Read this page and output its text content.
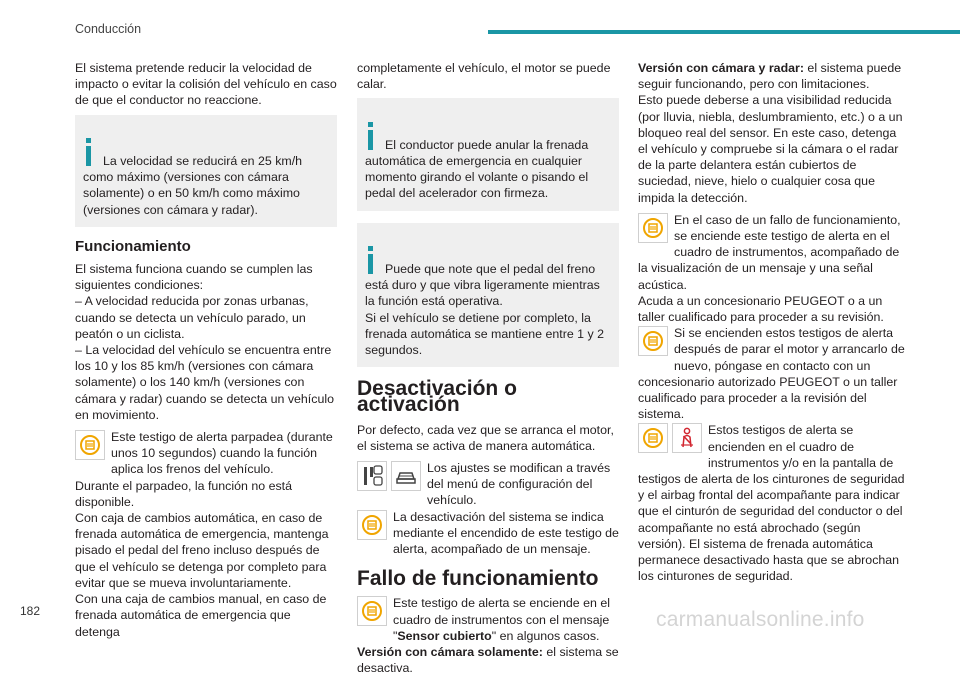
Conducción

El sistema pretende reducir la velocidad de impacto o evitar la colisión del vehículo en caso de que el conductor no reaccione.

La velocidad se reducirá en 25 km/h como máximo (versiones con cámara solamente) o en 50 km/h como máximo (versiones con cámara y radar).

Funcionamiento

El sistema funciona cuando se cumplen las siguientes condiciones:
– A velocidad reducida por zonas urbanas, cuando se detecta un vehículo parado, un peatón o un ciclista.
– La velocidad del vehículo se encuentra entre los 10 y los 85 km/h (versiones con cámara solamente) o los 140 km/h (versiones con cámara y radar) cuando se detecta un vehículo en movimiento.

Este testigo de alerta parpadea (durante unos 10 segundos) cuando la función aplica los frenos del vehículo.
Durante el parpadeo, la función no está disponible.
Con caja de cambios automática, en caso de frenada automática de emergencia, mantenga pisado el pedal del freno incluso después de que el vehículo se detenga por completo para evitar que se mueva involuntariamente.
Con una caja de cambios manual, en caso de frenada automática de emergencia que detenga

completamente el vehículo, el motor se puede calar.

El conductor puede anular la frenada automática de emergencia en cualquier momento girando el volante o pisando el pedal del acelerador con firmeza.

Puede que note que el pedal del freno está duro y que vibra ligeramente mientras la función está operativa.
Si el vehículo se detiene por completo, la frenada automática se mantiene entre 1 y 2 segundos.

Desactivación o activación

Por defecto, cada vez que se arranca el motor, el sistema se activa de manera automática.

Los ajustes se modifican a través del menú de configuración del vehículo.
La desactivación del sistema se indica mediante el encendido de este testigo de alerta, acompañado de un mensaje.
Fallo de funcionamiento
Este testigo de alerta se enciende en el cuadro de instrumentos con el mensaje "Sensor cubierto" en algunos casos.

Versión con cámara solamente: el sistema se desactiva.

Versión con cámara y radar: el sistema puede seguir funcionando, pero con limitaciones.
Esto puede deberse a una visibilidad reducida (por lluvia, niebla, deslumbramiento, etc.) o a un bloqueo real del sensor. En este caso, detenga el vehículo y compruebe si la cámara o el radar de la parte delantera están cubiertos de suciedad, nieve, hielo o cualquier cosa que impida la detección.

En el caso de un fallo de funcionamiento, se enciende este testigo de alerta en el cuadro de instrumentos, acompañado de la visualización de un mensaje y una señal acústica.
Acuda a un concesionario PEUGEOT o a un taller cualificado para proceder a su revisión.
Si se encienden estos testigos de alerta después de parar el motor y arrancarlo de nuevo, póngase en contacto con un concesionario autorizado PEUGEOT o un taller cualificado para proceder a la revisión del sistema.
Estos testigos de alerta se encienden en el cuadro de instrumentos y/o en la pantalla de testigos de alerta de los cinturones de seguridad y el airbag frontal del acompañante para indicar que el cinturón de seguridad del conductor o del acompañante no está abrochado (según versión). El sistema de frenada automática permanece desactivado hasta que se abrochan los cinturones de seguridad.
182	carmanualsonline.info
